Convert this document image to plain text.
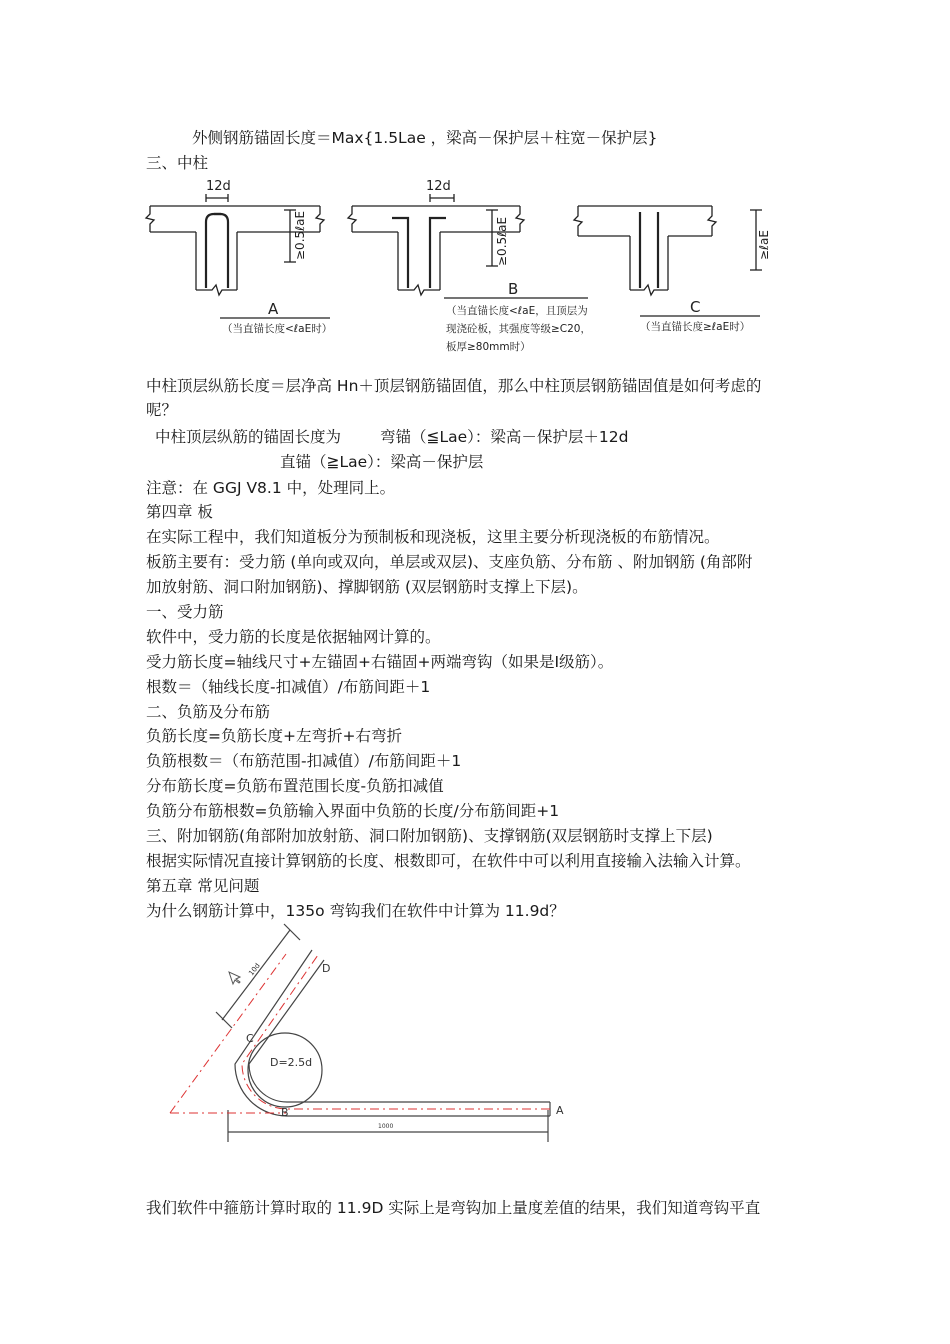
外侧钢筋锚固长度＝Max{1.5Lae ，梁高－保护层＋柱宽－保护层}
三、中柱
12d	12d
≥0.5ℓaE	≥0.5ℓaE	≥ℓaE
A
B
C
（当直锚长度<ℓaE时）
（当直锚长度<ℓaE，且顶层为
现浇砼板，其强度等级≥C20，
板厚≥80mm时）
（当直锚长度≥ℓaE时）
中柱顶层纵筋长度＝层净高 Hn＋顶层钢筋锚固值，那么中柱顶层钢筋锚固值是如何考虑的
呢？
中柱顶层纵筋的锚固长度为	弯锚（≦Lae）：梁高－保护层＋12d
直锚（≧Lae）：梁高－保护层
注意：在 GGJ V8.1 中，处理同上。
第四章 板
在实际工程中，我们知道板分为预制板和现浇板，这里主要分析现浇板的布筋情况。
板筋主要有：受力筋 (单向或双向，单层或双层)、支座负筋、分布筋 、附加钢筋 (角部附
加放射筋、洞口附加钢筋)、撑脚钢筋 (双层钢筋时支撑上下层)。
一、受力筋
软件中，受力筋的长度是依据轴网计算的。
受力筋长度=轴线尺寸+左锚固+右锚固+两端弯钩（如果是Ⅰ级筋）。
根数＝（轴线长度-扣减值）/布筋间距＋1
二、负筋及分布筋
负筋长度=负筋长度+左弯折+右弯折
负筋根数＝（布筋范围-扣减值）/布筋间距＋1
分布筋长度=负筋布置范围长度-负筋扣减值
负筋分布筋根数=负筋输入界面中负筋的长度/分布筋间距+1
三、附加钢筋(角部附加放射筋、洞口附加钢筋)、支撑钢筋(双层钢筋时支撑上下层)
根据实际情况直接计算钢筋的长度、根数即可，在软件中可以利用直接输入法输入计算。
第五章 常见问题
为什么钢筋计算中，135o 弯钩我们在软件中计算为 11.9d？
D
C
B	A
D=2.5d
10d
1000
我们软件中箍筋计算时取的 11.9D 实际上是弯钩加上量度差值的结果，我们知道弯钩平直
